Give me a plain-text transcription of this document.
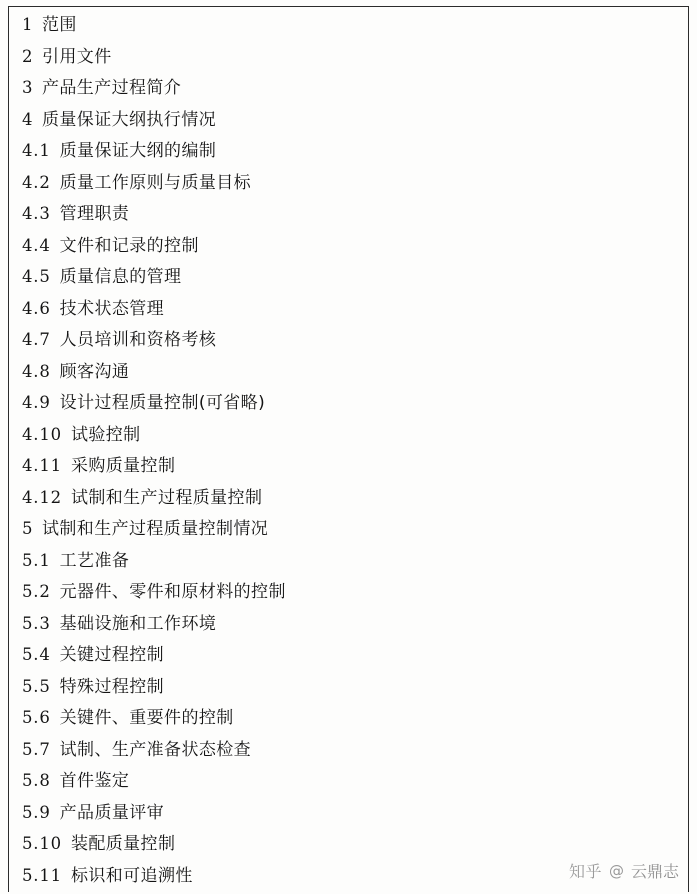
1 范围
2 引用文件
3 产品生产过程简介
4 质量保证大纲执行情况
4.1 质量保证大纲的编制
4.2 质量工作原则与质量目标
4.3 管理职责
4.4 文件和记录的控制
4.5 质量信息的管理
4.6 技术状态管理
4.7 人员培训和资格考核
4.8 顾客沟通
4.9 设计过程质量控制(可省略)
4.10 试验控制
4.11 采购质量控制
4.12 试制和生产过程质量控制
5 试制和生产过程质量控制情况
5.1 工艺准备
5.2 元器件、零件和原材料的控制
5.3 基础设施和工作环境
5.4 关键过程控制
5.5 特殊过程控制
5.6 关键件、重要件的控制
5.7 试制、生产准备状态检查
5.8 首件鉴定
5.9 产品质量评审
5.10 装配质量控制
5.11 标识和可追溯性	知乎 @ 云鼎志
